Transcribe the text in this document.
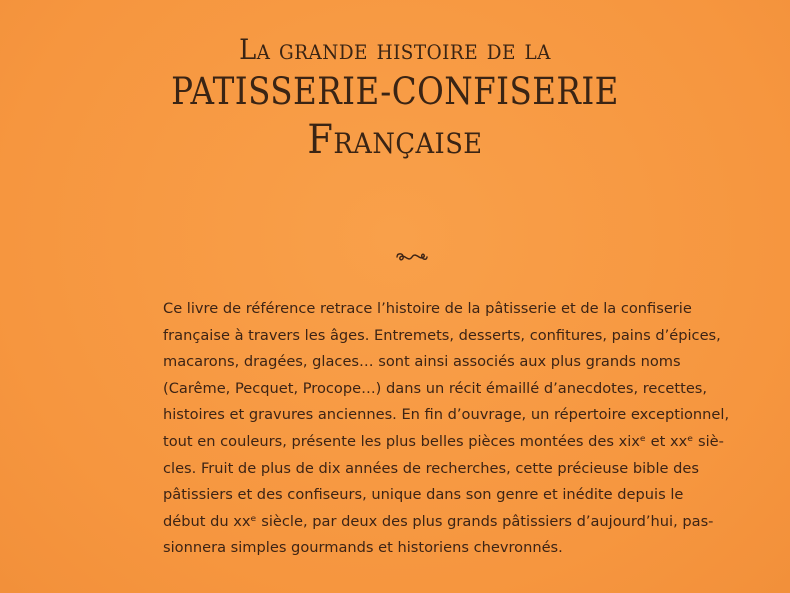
La grande histoire de la
PATISSERIE-CONFISERIE
Française
Ce livre de référence retrace l’histoire de la pâtisserie et de la confiserie
française à travers les âges. Entremets, desserts, confitures, pains d’épices,
macarons, dragées, glaces… sont ainsi associés aux plus grands noms
(Carême, Pecquet, Procope…) dans un récit émaillé d’anecdotes, recettes,
histoires et gravures anciennes. En fin d’ouvrage, un répertoire exceptionnel,
tout en couleurs, présente les plus belles pièces montées des xixᵉ et xxᵉ siè-
cles. Fruit de plus de dix années de recherches, cette précieuse bible des
pâtissiers et des confiseurs, unique dans son genre et inédite depuis le
début du xxᵉ siècle, par deux des plus grands pâtissiers d’aujourd’hui, pas-
sionnera simples gourmands et historiens chevronnés.
